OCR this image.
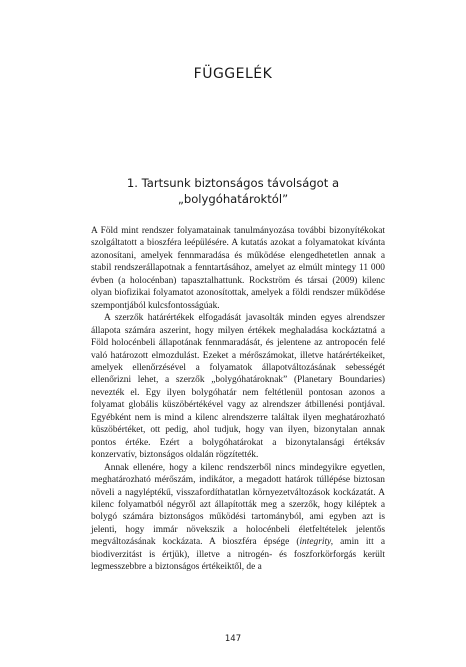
FÜGGELÉK
1. Tartsunk biztonságos távolságot a
„bolygóhatároktól”

A Föld mint rendszer folyamatainak tanulmányozása további bizonyítékokat szolgáltatott a bioszféra leépülésére. A kutatás azokat a folyamatokat kívánta azonosítani, amelyek fennmaradása és működése elengedhetetlen annak a stabil rendszerállapotnak a fenntartásához, amelyet az elmúlt mintegy 11 000 évben (a holocénban) tapasztalhattunk. Rockström és társai (2009) kilenc olyan biofizikai folyamatot azonosítottak, amelyek a földi rendszer működése szempontjából kulcsfontosságúak.

A szerzők határértékek elfogadását javasolták minden egyes alrendszer állapota számára aszerint, hogy milyen értékek meghaladása kockáztatná a Föld holocénbeli állapotának fennmaradását, és jelentene az antropocén felé való határozott elmozdulást. Ezeket a mérőszámokat, illetve határértékeiket, amelyek ellenőrzésével a folyamatok állapotváltozásának sebességét ellenőrizni lehet, a szerzők „bolygóhatároknak” (Planetary Boundaries) nevezték el. Egy ilyen bolygóhatár nem feltétlenül pontosan azonos a folyamat globális küszöbértékével vagy az alrendszer átbillenési pontjával. Egyébként nem is mind a kilenc alrendszerre találtak ilyen meghatározható küszöbértéket, ott pedig, ahol tudjuk, hogy van ilyen, bizonytalan annak pontos értéke. Ezért a bolygóhatárokat a bizonytalansági értéksáv konzervatív, biztonságos oldalán rögzítették.

Annak ellenére, hogy a kilenc rendszerből nincs mindegyikre egyetlen, meghatározható mérőszám, indikátor, a megadott határok túllépése biztosan növeli a nagyléptékű, visszafordíthatatlan környezetváltozások kockázatát. A kilenc folyamatból négyről azt állapították meg a szerzők, hogy kiléptek a bolygó számára biztonságos működési tartományból, ami egyben azt is jelenti, hogy immár növekszik a holocénbeli életfeltételek jelentős megváltozásának kockázata. A bioszféra épsége (integrity, amin itt a biodiverzitást is értjük), illetve a nitrogén- és foszforkörforgás került legmesszebbre a biztonságos értékeiktől, de a

147
